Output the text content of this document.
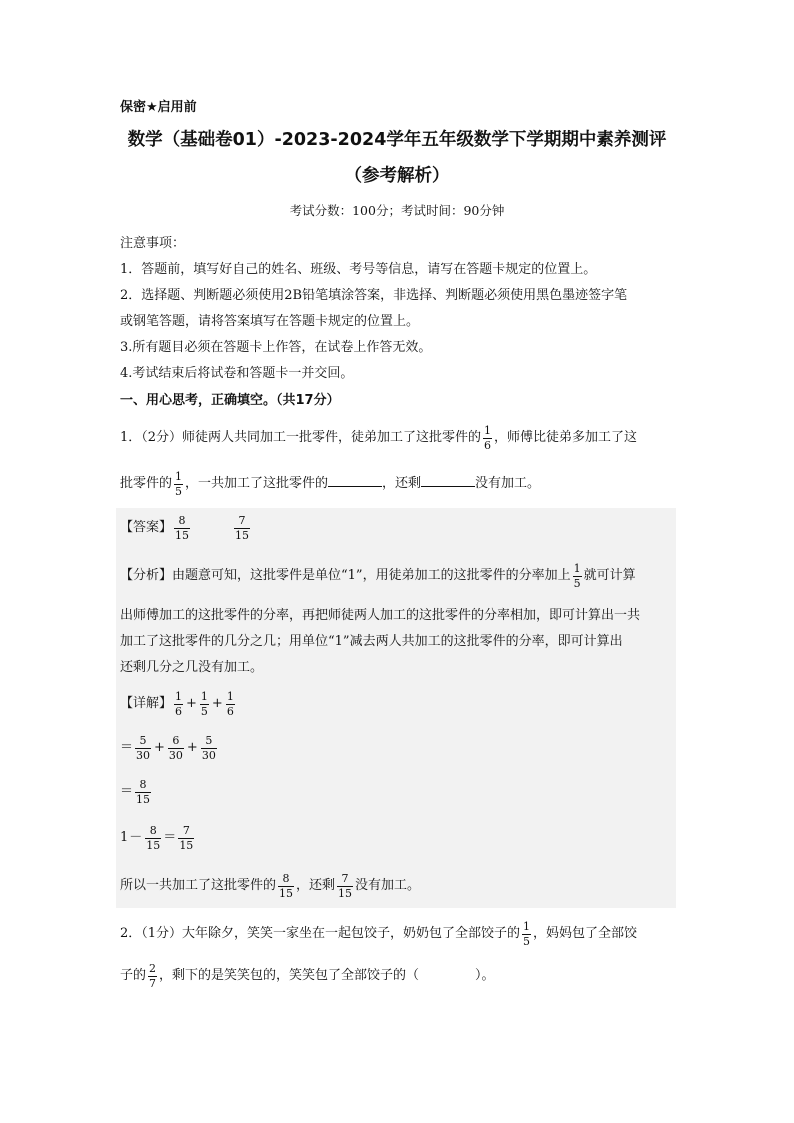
保密★启用前
数学（基础卷01）-2023-2024学年五年级数学下学期期中素养测评
（参考解析）
考试分数：100分；考试时间：90分钟
注意事项：
1．答题前，填写好自己的姓名、班级、考号等信息，请写在答题卡规定的位置上。
2．选择题、判断题必须使用2B铅笔填涂答案，非选择、判断题必须使用黑色墨迹签字笔
或钢笔答题，请将答案填写在答题卡规定的位置上。
3.所有题目必须在答题卡上作答，在试卷上作答无效。
4.考试结束后将试卷和答题卡一并交回。
一、用心思考，正确填空。（共17分）
1．（2分）师徒两人共同加工一批零件，徒弟加工了这批零件的 $\frac{1}{6}$ ，师傅比徒弟多加工了这
批零件的 $\frac{1}{5}$ ，一共加工了这批零件的	，还剩	没有加工。
【答案】 $\frac{8}{15}$	$\frac{7}{15}$
【分析】由题意可知，这批零件是单位“1”，用徒弟加工的这批零件的分率加上 $\frac{1}{5}$ 就可计算
出师傅加工的这批零件的分率，再把师徒两人加工的这批零件的分率相加，即可计算出一共
加工了这批零件的几分之几；用单位“1”减去两人共加工的这批零件的分率，即可计算出
还剩几分之几没有加工。
【详解】 $\frac{1}{6} + \frac{1}{5} + \frac{1}{6}$
＝ $\frac{5}{30} + \frac{6}{30} + \frac{5}{30}$
＝ $\frac{8}{15}$
$1- \frac{8}{15} = \frac{7}{15}$
所以一共加工了这批零件的 $\frac{8}{15}$ ，还剩 $\frac{7}{15}$ 没有加工。
2．（1分）大年除夕，笑笑一家坐在一起包饺子，奶奶包了全部饺子的 $\frac{1}{5}$ ，妈妈包了全部饺
子的 $\frac{2}{7}$ ，剩下的是笑笑包的，笑笑包了全部饺子的（	）。
